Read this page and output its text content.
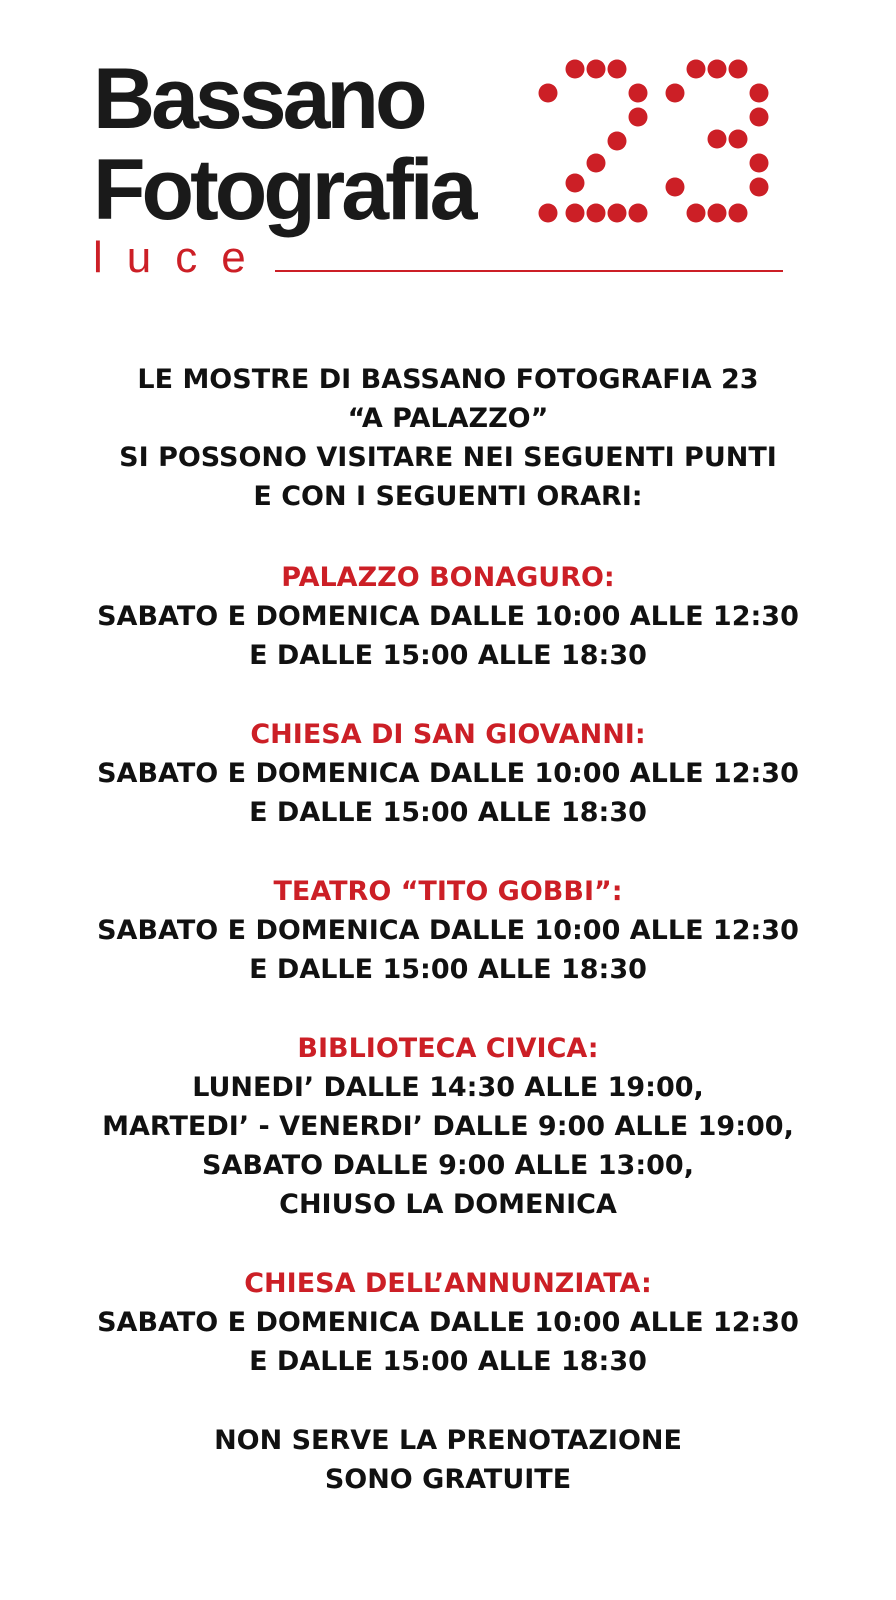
Bassano
Fotografia
luce
LE MOSTRE DI BASSANO FOTOGRAFIA 23
“A PALAZZO”
SI POSSONO VISITARE NEI SEGUENTI PUNTI
E CON I SEGUENTI ORARI:
PALAZZO BONAGURO:
SABATO E DOMENICA DALLE 10:00 ALLE 12:30
E DALLE 15:00 ALLE 18:30
CHIESA DI SAN GIOVANNI:
SABATO E DOMENICA DALLE 10:00 ALLE 12:30
E DALLE 15:00 ALLE 18:30
TEATRO “TITO GOBBI”:
SABATO E DOMENICA DALLE 10:00 ALLE 12:30
E DALLE 15:00 ALLE 18:30
BIBLIOTECA CIVICA:
LUNEDI’ DALLE 14:30 ALLE 19:00,
MARTEDI’ - VENERDI’ DALLE 9:00 ALLE 19:00,
SABATO DALLE 9:00 ALLE 13:00,
CHIUSO LA DOMENICA
CHIESA DELL’ANNUNZIATA:
SABATO E DOMENICA DALLE 10:00 ALLE 12:30
E DALLE 15:00 ALLE 18:30
NON SERVE LA PRENOTAZIONE
SONO GRATUITE
